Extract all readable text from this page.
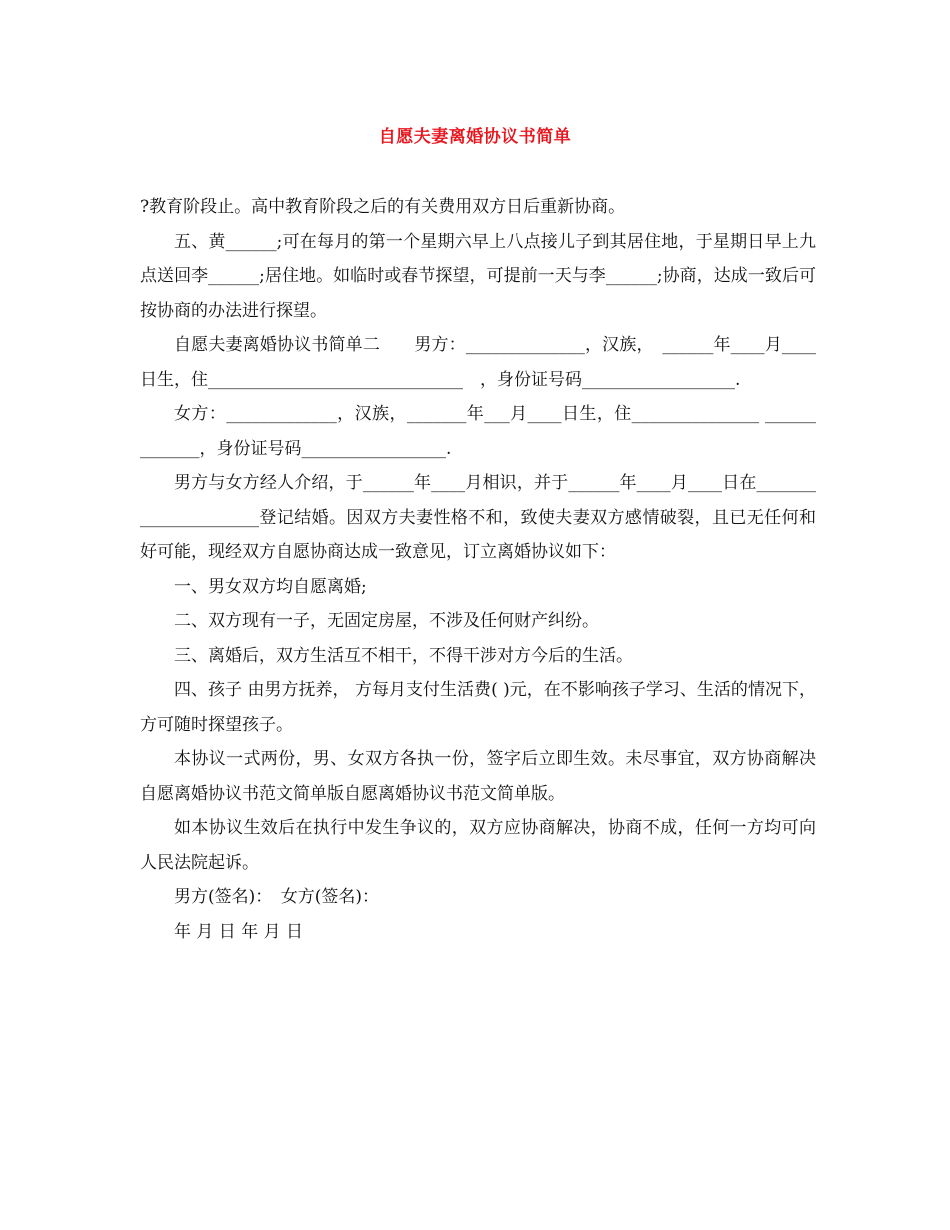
自愿夫妻离婚协议书简单

?教育阶段止。高中教育阶段之后的有关费用双方日后重新协商。

五、黄______;可在每月的第一个星期六早上八点接儿子到其居住地，于星期日早上九点送回李______;居住地。如临时或春节探望，可提前一天与李______;协商，达成一致后可按协商的办法进行探望。

自愿夫妻离婚协议书简单二　　男方：______________，汉族，　______年____月____日生，住______________________________　，身份证号码__________________.

女方：_____________，汉族，_______年___月____日生，住_______________ _____________，身份证号码_________________.

男方与女方经人介绍，于______年____月相识，并于______年____月____日在_____________________登记结婚。因双方夫妻性格不和，致使夫妻双方感情破裂，且已无任何和好可能，现经双方自愿协商达成一致意见，订立离婚协议如下：

一、男女双方均自愿离婚;

二、双方现有一子，无固定房屋，不涉及任何财产纠纷。

三、离婚后，双方生活互不相干，不得干涉对方今后的生活。

四、孩子 由男方抚养， 方每月支付生活费( )元，在不影响孩子学习、生活的情况下， 方可随时探望孩子。

本协议一式两份，男、女双方各执一份，签字后立即生效。未尽事宜，双方协商解决自愿离婚协议书范文简单版自愿离婚协议书范文简单版。

如本协议生效后在执行中发生争议的，双方应协商解决，协商不成，任何一方均可向人民法院起诉。

男方(签名)：　女方(签名)：

年 月 日 年 月 日
